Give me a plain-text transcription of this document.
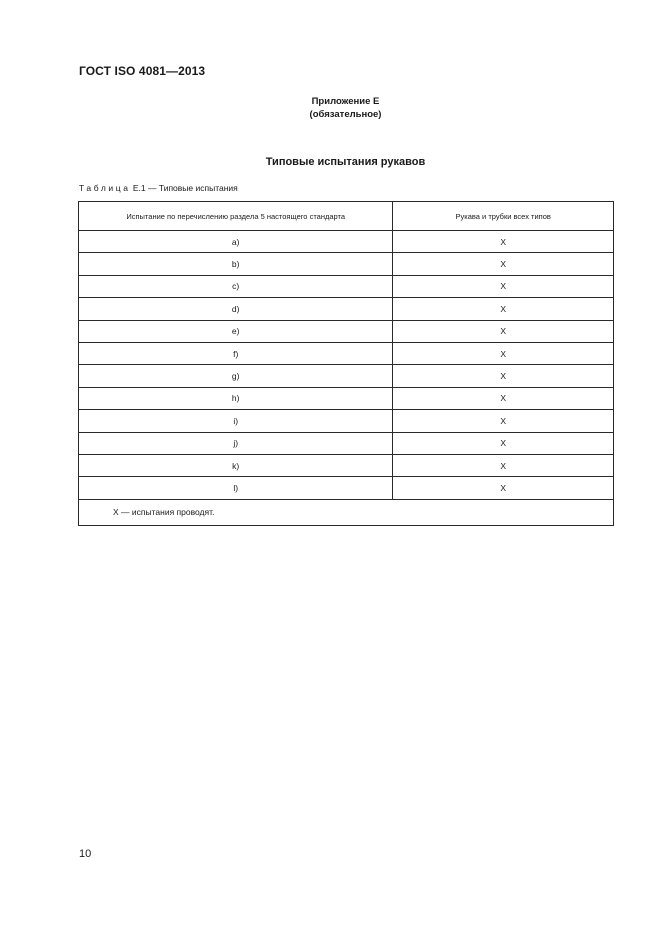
ГОСТ ISO 4081—2013
Приложение Е
(обязательное)
Типовые испытания рукавов
Таблица Е.1 — Типовые испытания
Испытание по перечислению раздела 5 настоящего стандарта	Рукава и трубки всех типов
a)	X
b)	X
c)	X
d)	X
e)	X
f)	X
g)	X
h)	X
i)	X
j)	X
k)	X
l)	X
X — испытания проводят.	
10
